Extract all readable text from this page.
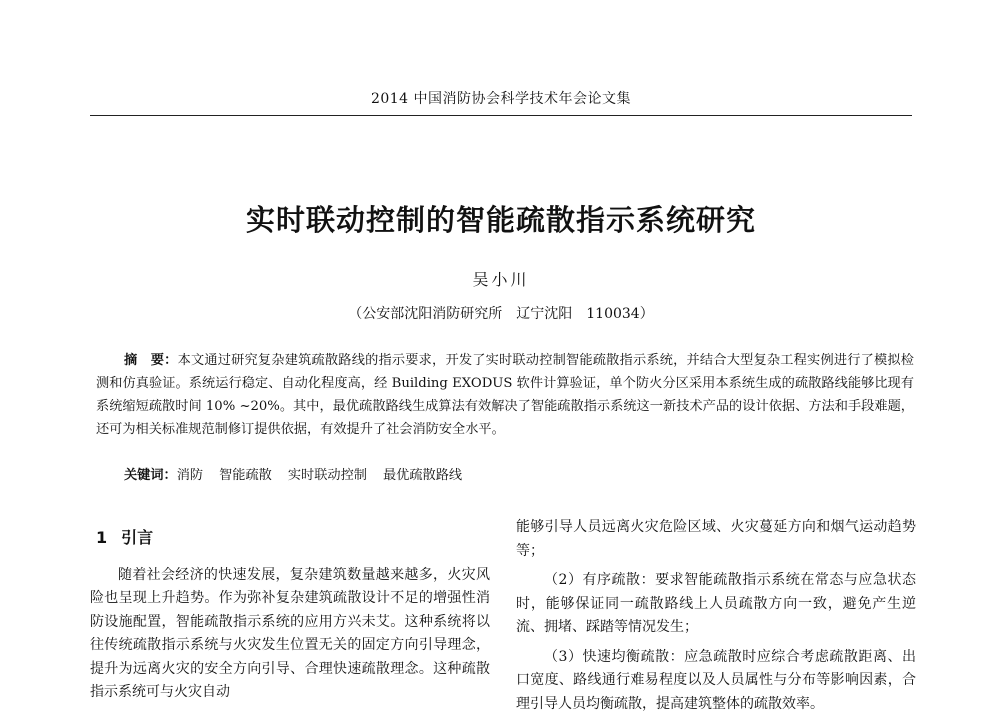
2014 中国消防协会科学技术年会论文集
实时联动控制的智能疏散指示系统研究
吴小川
（公安部沈阳消防研究所　辽宁沈阳　110034）
摘　要：本文通过研究复杂建筑疏散路线的指示要求，开发了实时联动控制智能疏散指示系统，并结合大型复杂工程实例进行了模拟检测和仿真验证。系统运行稳定、自动化程度高，经 Building EXODUS 软件计算验证，单个防火分区采用本系统生成的疏散路线能够比现有系统缩短疏散时间 10% ~20%。其中，最优疏散路线生成算法有效解决了智能疏散指示系统这一新技术产品的设计依据、方法和手段难题，还可为相关标准规范制修订提供依据，有效提升了社会消防安全水平。
关键词：消防 智能疏散 实时联动控制 最优疏散路线
1 引言

随着社会经济的快速发展，复杂建筑数量越来越多，火灾风险也呈现上升趋势。作为弥补复杂建筑疏散设计不足的增强性消防设施配置，智能疏散指示系统的应用方兴未艾。这种系统将以往传统疏散指示系统与火灾发生位置无关的固定方向引导理念，提升为远离火灾的安全方向引导、合理快速疏散理念。这种疏散指示系统可与火灾自动

能够引导人员远离火灾危险区域、火灾蔓延方向和烟气运动趋势等；

（2）有序疏散：要求智能疏散指示系统在常态与应急状态时，能够保证同一疏散路线上人员疏散方向一致，避免产生逆流、拥堵、踩踏等情况发生；

（3）快速均衡疏散：应急疏散时应综合考虑疏散距离、出口宽度、路线通行难易程度以及人员属性与分布等影响因素，合理引导人员均衡疏散，提高建筑整体的疏散效率。
